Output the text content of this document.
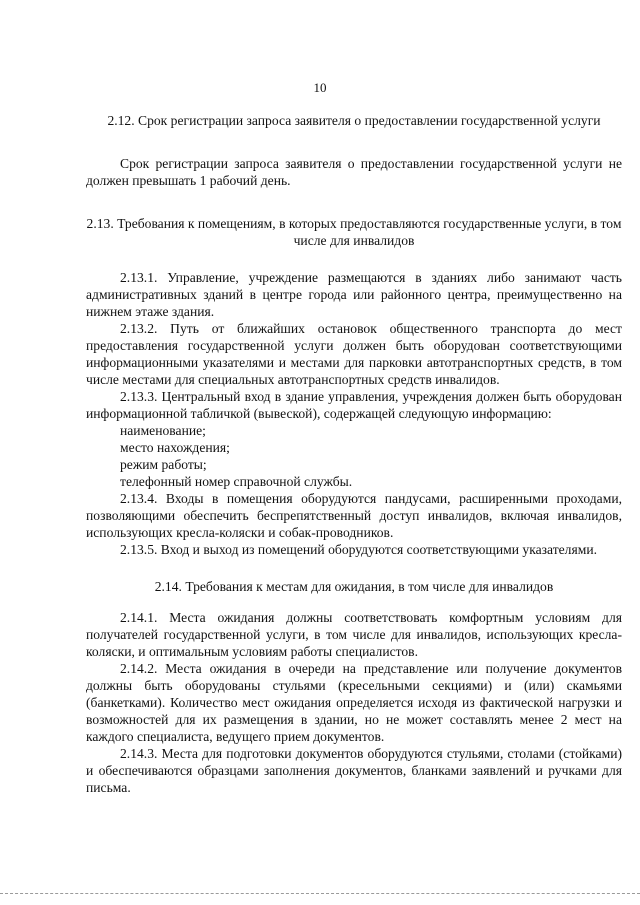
10

2.12. Срок регистрации запроса заявителя о предоставлении государственной услуги

Срок регистрации запроса заявителя о предоставлении государственной услуги не должен превышать 1 рабочий день.

2.13. Требования к помещениям, в которых предоставляются государственные услуги, в том числе для инвалидов

2.13.1. Управление, учреждение размещаются в зданиях либо занимают часть административных зданий в центре города или районного центра, преимущественно на нижнем этаже здания.

2.13.2. Путь от ближайших остановок общественного транспорта до мест предоставления государственной услуги должен быть оборудован соответствующими информационными указателями и местами для парковки автотранспортных средств, в том числе местами для специальных автотранспортных средств инвалидов.

2.13.3. Центральный вход в здание управления, учреждения должен быть оборудован информационной табличкой (вывеской), содержащей следующую информацию:

наименование;

место нахождения;

режим работы;

телефонный номер справочной службы.

2.13.4. Входы в помещения оборудуются пандусами, расширенными проходами, позволяющими обеспечить беспрепятственный доступ инвалидов, включая инвалидов, использующих кресла-коляски и собак-проводников.

2.13.5. Вход и выход из помещений оборудуются соответствующими указателями.

2.14. Требования к местам для ожидания, в том числе для инвалидов

2.14.1. Места ожидания должны соответствовать комфортным условиям для получателей государственной услуги, в том числе для инвалидов, использующих кресла-коляски, и оптимальным условиям работы специалистов.

2.14.2. Места ожидания в очереди на представление или получение документов должны быть оборудованы стульями (кресельными секциями) и (или) скамьями (банкетками). Количество мест ожидания определяется исходя из фактической нагрузки и возможностей для их размещения в здании, но не может составлять менее 2 мест на каждого специалиста, ведущего прием документов.

2.14.3. Места для подготовки документов оборудуются стульями, столами (стойками) и обеспечиваются образцами заполнения документов, бланками заявлений и ручками для письма.
